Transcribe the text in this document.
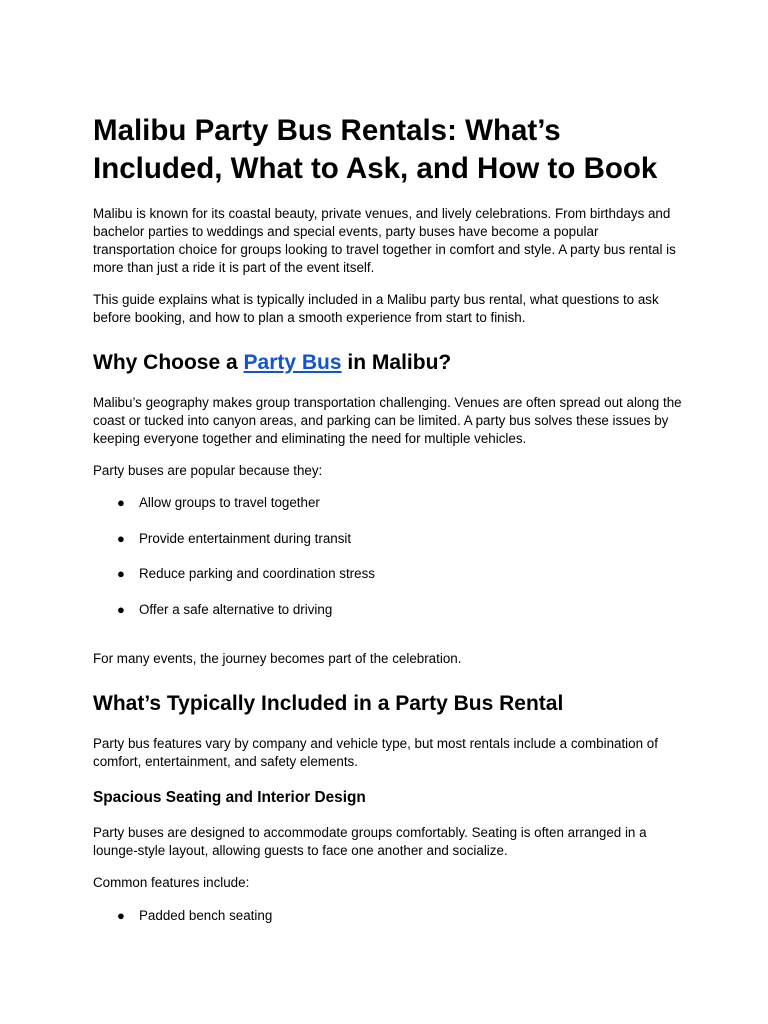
Malibu Party Bus Rentals: What’s Included, What to Ask, and How to Book

Malibu is known for its coastal beauty, private venues, and lively celebrations. From birthdays and bachelor parties to weddings and special events, party buses have become a popular transportation choice for groups looking to travel together in comfort and style. A party bus rental is more than just a ride it is part of the event itself.

This guide explains what is typically included in a Malibu party bus rental, what questions to ask before booking, and how to plan a smooth experience from start to finish.

Why Choose a Party Bus in Malibu?

Malibu’s geography makes group transportation challenging. Venues are often spread out along the coast or tucked into canyon areas, and parking can be limited. A party bus solves these issues by keeping everyone together and eliminating the need for multiple vehicles.

Party buses are popular because they:

● Allow groups to travel together
● Provide entertainment during transit
● Reduce parking and coordination stress
● Offer a safe alternative to driving

For many events, the journey becomes part of the celebration.

What’s Typically Included in a Party Bus Rental

Party bus features vary by company and vehicle type, but most rentals include a combination of comfort, entertainment, and safety elements.

Spacious Seating and Interior Design

Party buses are designed to accommodate groups comfortably. Seating is often arranged in a lounge-style layout, allowing guests to face one another and socialize.

Common features include:

● Padded bench seating
